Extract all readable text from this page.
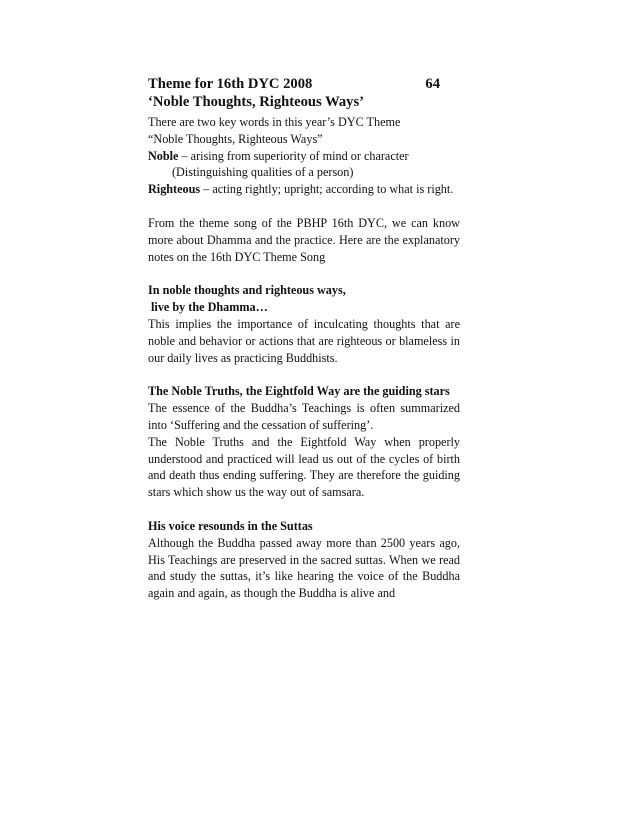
Theme for 16th DYC 2008	64
‘Noble Thoughts, Righteous Ways’
There are two key words in this year’s DYC Theme
“Noble Thoughts, Righteous Ways”
Noble – arising from superiority of mind or character
(Distinguishing qualities of a person)
Righteous – acting rightly; upright; according to what is right.
From the theme song of the PBHP 16th DYC, we can know more about Dhamma and the practice. Here are the explanatory notes on the 16th DYC Theme Song
In noble thoughts and righteous ways,
live by the Dhamma…
This implies the importance of inculcating thoughts that are noble and behavior or actions that are righteous or blameless in our daily lives as practicing Buddhists.
The Noble Truths, the Eightfold Way are the guiding stars
The essence of the Buddha’s Teachings is often summarized into ‘Suffering and the cessation of suffering’.
The Noble Truths and the Eightfold Way when properly understood and practiced will lead us out of the cycles of birth and death thus ending suffering. They are therefore the guiding stars which show us the way out of samsara.
His voice resounds in the Suttas
Although the Buddha passed away more than 2500 years ago, His Teachings are preserved in the sacred suttas. When we read and study the suttas, it’s like hearing the voice of the Buddha again and again, as though the Buddha is alive and
